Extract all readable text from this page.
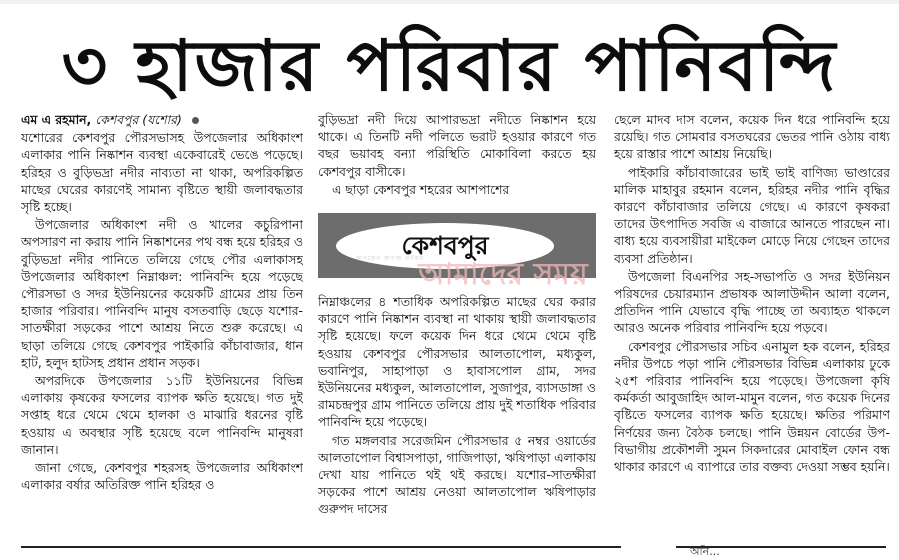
৩ হাজার পরিবার পানিবন্দি

এম এ রহমান, কেশবপুর (যশোর)

যশোরের কেশবপুর পৌরসভাসহ উপজেলার অধিকাংশ এলাকার পানি নিষ্কাশন ব্যবস্থা একেবারেই ভেঙে পড়েছে। হরিহর ও বুড়িভদ্রা নদীর নাব্যতা না থাকা, অপরিকল্পিত মাছের ঘেরের কারণেই সামান্য বৃষ্টিতে স্থায়ী জলাবদ্ধতার সৃষ্টি হচ্ছে।

উপজেলার অধিকাংশ নদী ও খালের কচুরিপানা অপসারণ না করায় পানি নিষ্কাশনের পথ বন্ধ হয়ে হরিহর ও বুড়িভদ্রা নদীর পানিতে তলিয়ে গেছে পৌর এলাকাসহ উপজেলার অধিকাংশ নিম্নাঞ্চল: পানিবন্দি হয়ে পড়েছে পৌরসভা ও সদর ইউনিয়নের কয়েকটি গ্রামের প্রায় তিন হাজার পরিবার। পানিবন্দি মানুষ বসতবাড়ি ছেড়ে যশোর-সাতক্ষীরা সড়কের পাশে আশ্রয় নিতে শুরু করেছে। এ ছাড়া তলিয়ে গেছে কেশবপুর পাইকারি কাঁচাবাজার, ধান হাট, হলুদ হাটসহ প্রধান প্রধান সড়ক।

অপরদিকে উপজেলার ১১টি ইউনিয়নের বিভিন্ন এলাকায় কৃষকের ফসলের ব্যাপক ক্ষতি হয়েছে। গত দুই সপ্তাহ ধরে থেমে থেমে হালকা ও মাঝারি ধরনের বৃষ্টি হওয়ায় এ অবস্থার সৃষ্টি হয়েছে বলে পানিবন্দি মানুষরা জানান।

জানা গেছে, কেশবপুর শহরসহ উপজেলার অধিকাংশ এলাকার বর্ষার অতিরিক্ত পানি হরিহর ও

বুড়িভদ্রা নদী দিয়ে আপারভদ্রা নদীতে নিষ্কাশন হয়ে থাকে। এ তিনটি নদী পলিতে ভরাট হওয়ার কারণে গত বছর ভয়াবহ বন্যা পরিস্থিতি মোকাবিলা করতে হয় কেশবপুর বাসীকে।

এ ছাড়া কেশবপুর শহরের আশপাশের

কেশবপুর
কাগজের কাগজ ডটকম
আমাদের সময়

নিম্নাঞ্চলের ৪ শতাধিক অপরিকল্পিত মাছের ঘের করার কারণে পানি নিষ্কাশন ব্যবস্থা না থাকায় স্থায়ী জলাবদ্ধতার সৃষ্টি হয়েছে। ফলে কয়েক দিন ধরে থেমে থেমে বৃষ্টি হওয়ায় কেশবপুর পৌরসভার আলতাপোল, মধ্যকুল, ভবানিপুর, সাহাপাড়া ও হাবাসপোল গ্রাম, সদর ইউনিয়নের মধ্যকুল, আলতাপোল, সুজাপুর, ব্যাসডাঙ্গা ও রামচন্দ্রপুর গ্রাম পানিতে তলিয়ে প্রায় দুই শতাধিক পরিবার পানিবন্দি হয়ে পড়েছে।

গত মঙ্গলবার সরেজমিন পৌরসভার ৫ নম্বর ওয়ার্ডের আলতাপোল বিশ্বাসপাড়া, গাজিপাড়া, ঋষিপাড়া এলাকায় দেখা যায় পানিতে থই থই করছে। যশোর-সাতক্ষীরা সড়কের পাশে আশ্রয় নেওয়া আলতাপোল ঋষিপাড়ার গুরুপদ দাসের

ছেলে মাদব দাস বলেন, কয়েক দিন ধরে পানিবন্দি হয়ে রয়েছি। গত সোমবার বসতঘরের ভেতর পানি ওঠায় বাধ্য হয়ে রাস্তার পাশে আশ্রয় নিয়েছি।

পাইকারি কাঁচাবাজারের ভাই ভাই বাণিজ্য ভাণ্ডারের মালিক মাহাবুর রহমান বলেন, হরিহর নদীর পানি বৃদ্ধির কারণে কাঁচাবাজার তলিয়ে গেছে। এ কারণে কৃষকরা তাদের উৎপাদিত সবজি এ বাজারে আনতে পারছেন না। বাধ্য হয়ে ব্যবসায়ীরা মাইকেল মোড়ে নিয়ে গেছেন তাদের ব্যবসা প্রতিষ্ঠান।

উপজেলা বিএনপির সহ-সভাপতি ও সদর ইউনিয়ন পরিষদের চেয়ারম্যান প্রভাষক আলাউদ্দীন আলা বলেন, প্রতিদিন পানি যেভাবে বৃদ্ধি পাচ্ছে তা অব্যাহত থাকলে আরও অনেক পরিবার পানিবন্দি হয়ে পড়বে।

কেশবপুর পৌরসভার সচিব এনামুল হক বলেন, হরিহর নদীর উপচে পড়া পানি পৌরসভার বিভিন্ন এলাকায় ঢুকে ২৫শ পরিবার পানিবন্দি হয়ে পড়েছে। উপজেলা কৃষি কর্মকর্তা আবুজাহিদ আল-মামুন বলেন, গত কয়েক দিনের বৃষ্টিতে ফসলের ব্যাপক ক্ষতি হয়েছে। ক্ষতির পরিমাণ নির্ণয়ের জন্য বৈঠক চলছে। পানি উন্নয়ন বোর্ডের উপ-বিভাগীয় প্রকৌশলী সুমন সিকদারের মোবাইল ফোন বন্ধ থাকার কারণে এ ব্যাপারে তার বক্তব্য দেওয়া সম্ভব হয়নি।

অনি...
